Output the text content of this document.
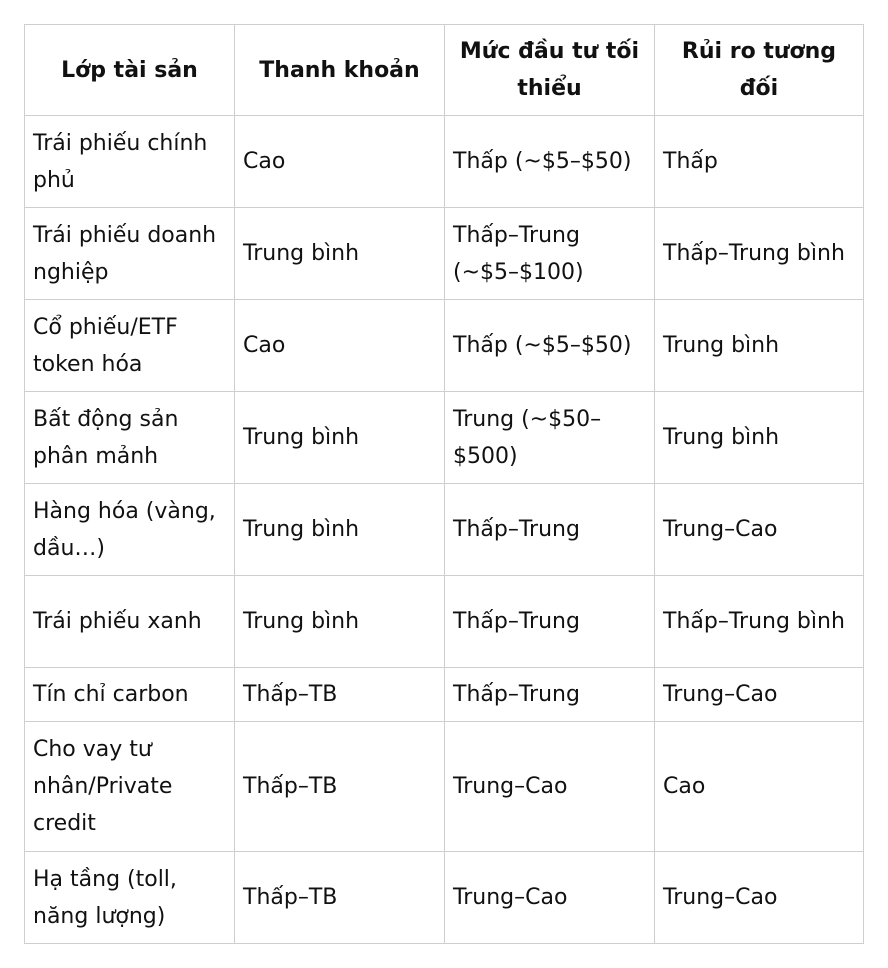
Lớp tài sản	Thanh khoản	Mức đầu tư tối thiểu	Rủi ro tương đối
Trái phiếu chính phủ	Cao	Thấp (~$5–$50)	Thấp
Trái phiếu doanh nghiệp	Trung bình	Thấp–Trung (~$5–$100)	Thấp–Trung bình
Cổ phiếu/ETF token hóa	Cao	Thấp (~$5–$50)	Trung bình
Bất động sản phân mảnh	Trung bình	Trung (~$50–$500)	Trung bình
Hàng hóa (vàng, dầu…)	Trung bình	Thấp–Trung	Trung–Cao
Trái phiếu xanh	Trung bình	Thấp–Trung	Thấp–Trung bình
Tín chỉ carbon	Thấp–TB	Thấp–Trung	Trung–Cao
Cho vay tư nhân/Private credit	Thấp–TB	Trung–Cao	Cao
Hạ tầng (toll, năng lượng)	Thấp–TB	Trung–Cao	Trung–Cao
